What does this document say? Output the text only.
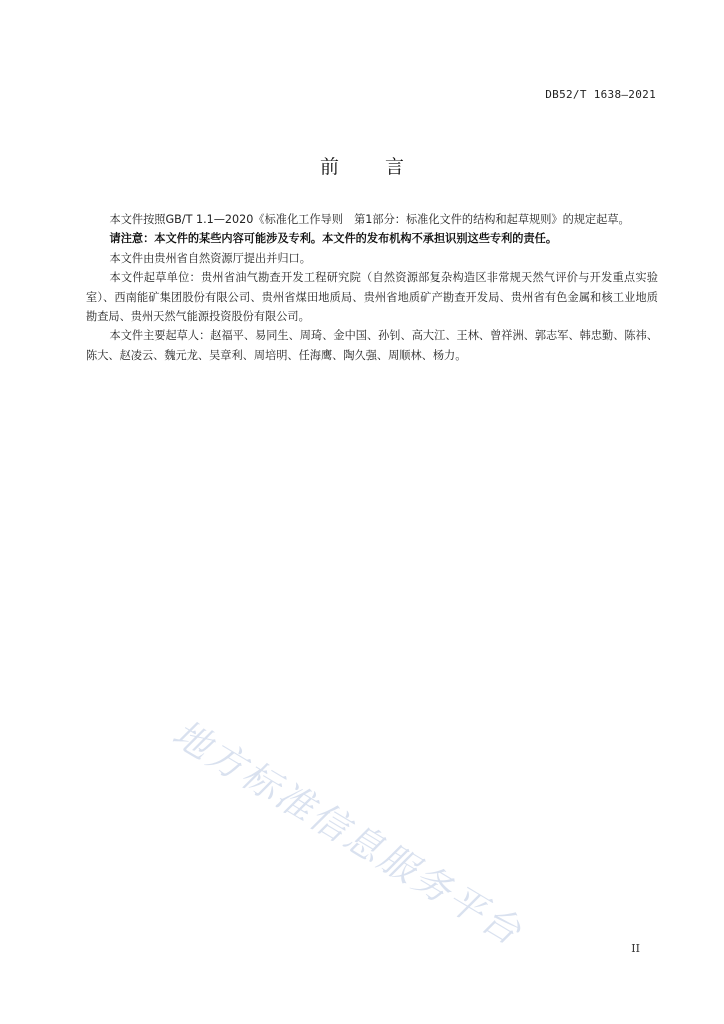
DB52/T 1638—2021
前言

本文件按照GB/T 1.1—2020《标准化工作导则　第1部分：标准化文件的结构和起草规则》的规定起草。

请注意：本文件的某些内容可能涉及专利。本文件的发布机构不承担识别这些专利的责任。

本文件由贵州省自然资源厅提出并归口。

本文件起草单位：贵州省油气勘查开发工程研究院（自然资源部复杂构造区非常规天然气评价与开发重点实验室）、西南能矿集团股份有限公司、贵州省煤田地质局、贵州省地质矿产勘查开发局、贵州省有色金属和核工业地质勘查局、贵州天然气能源投资股份有限公司。

本文件主要起草人：赵福平、易同生、周琦、金中国、孙钊、高大江、王林、曾祥洲、郭志军、韩忠勤、陈祎、陈大、赵凌云、魏元龙、吴章利、周培明、任海鹰、陶久强、周顺林、杨力。

地方标准信息服务平台	II
